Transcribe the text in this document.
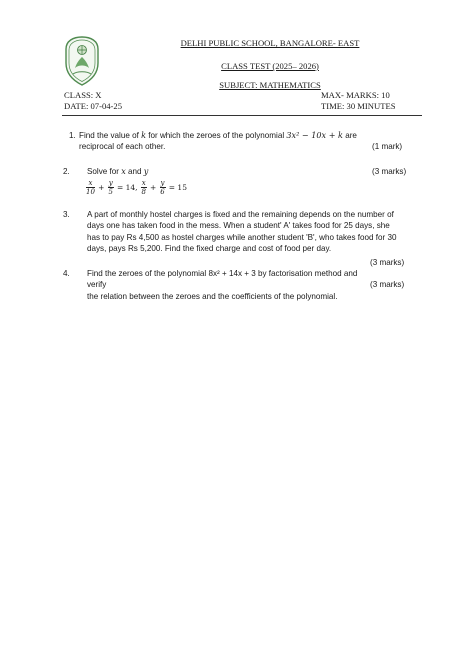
DELHI PUBLIC SCHOOL, BANGALORE- EAST
CLASS TEST (2025– 2026)
SUBJECT: MATHEMATICS
CLASS: X
DATE: 07-04-25
MAX- MARKS: 10
TIME: 30 MINUTES
1. Find the value of k for which the zeroes of the polynomial 3x² − 10x + k are
reciprocal of each other.	(1 mark)
2. Solve for x and y	(3 marks)
$\frac{x}{10} + \frac{y}{5} = 14$, $\frac{x}{8} + \frac{y}{6} = 15$
3. A part of monthly hostel charges is fixed and the remaining depends on the number of
days one has taken food in the mess. When a student' A' takes food for 25 days, she
has to pay Rs 4,500 as hostel charges while another student 'B', who takes food for 30
days, pays Rs 5,200. Find the fixed charge and cost of food per day.
(3 marks)
4. Find the zeroes of the polynomial 8x² + 14x + 3 by factorisation method and verify
the relation between the zeroes and the coefficients of the polynomial.
(3 marks)
